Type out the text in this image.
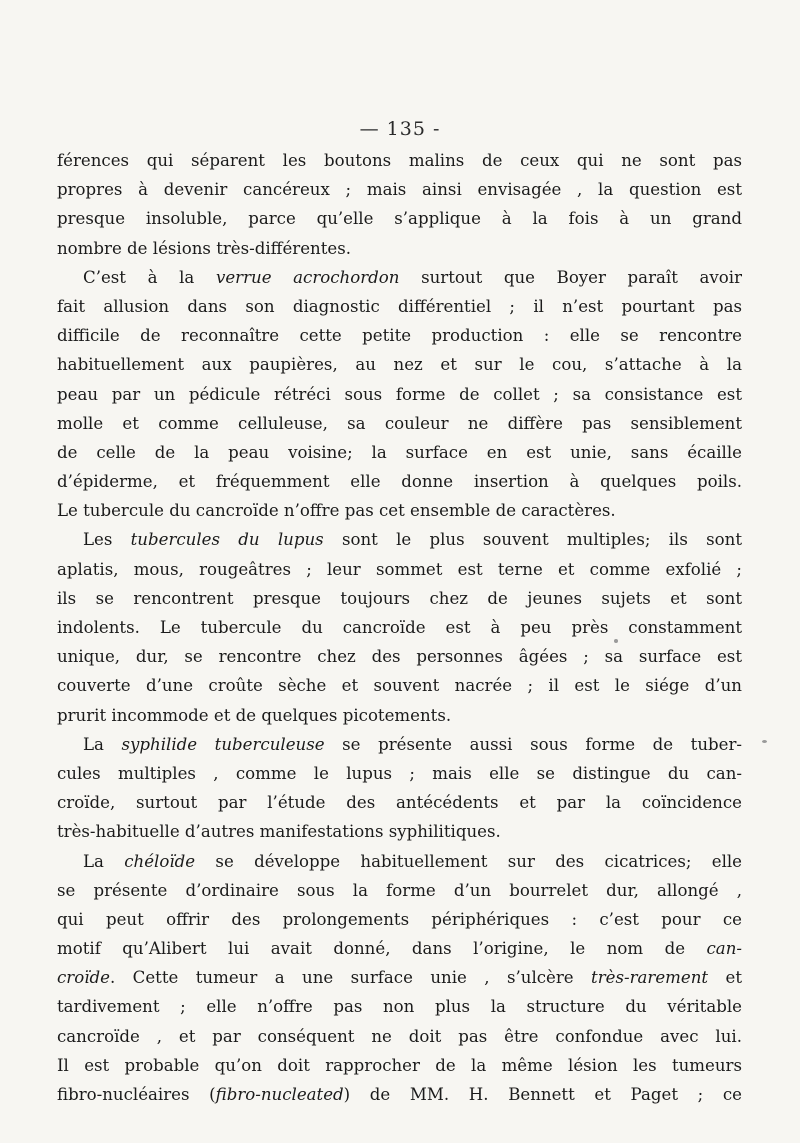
— 135 -
férences qui séparent les boutons malins de ceux qui ne sont pas
propres à devenir cancéreux ; mais ainsi envisagée , la question est
presque insoluble, parce qu’elle s’applique à la fois à un grand
nombre de lésions très-différentes.
C’est à la verrue acrochordon surtout que Boyer paraît avoir
fait allusion dans son diagnostic différentiel ; il n’est pourtant pas
difficile de reconnaître cette petite production : elle se rencontre
habituellement aux paupières, au nez et sur le cou, s’attache à la
peau par un pédicule rétréci sous forme de collet ; sa consistance est
molle et comme celluleuse, sa couleur ne diffère pas sensiblement
de celle de la peau voisine; la surface en est unie, sans écaille
d’épiderme, et fréquemment elle donne insertion à quelques poils.
Le tubercule du cancroïde n’offre pas cet ensemble de caractères.
Les tubercules du lupus sont le plus souvent multiples; ils sont
aplatis, mous, rougeâtres ; leur sommet est terne et comme exfolié ;
ils se rencontrent presque toujours chez de jeunes sujets et sont
indolents. Le tubercule du cancroïde est à peu près constamment
unique, dur, se rencontre chez des personnes âgées ; sa surface est
couverte d’une croûte sèche et souvent nacrée ; il est le siége d’un
prurit incommode et de quelques picotements.
La syphilide tuberculeuse se présente aussi sous forme de tuber-
cules multiples , comme le lupus ; mais elle se distingue du can-
croïde, surtout par l’étude des antécédents et par la coïncidence
très-habituelle d’autres manifestations syphilitiques.
La chéloïde se développe habituellement sur des cicatrices; elle
se présente d’ordinaire sous la forme d’un bourrelet dur, allongé ,
qui peut offrir des prolongements périphériques : c’est pour ce
motif qu’Alibert lui avait donné, dans l’origine, le nom de can-
croïde. Cette tumeur a une surface unie , s’ulcère très-rarement et
tardivement ; elle n’offre pas non plus la structure du véritable
cancroïde , et par conséquent ne doit pas être confondue avec lui.
Il est probable qu’on doit rapprocher de la même lésion les tumeurs
fibro-nucléaires (fibro-nucleated) de MM. H. Bennett et Paget ; ce
